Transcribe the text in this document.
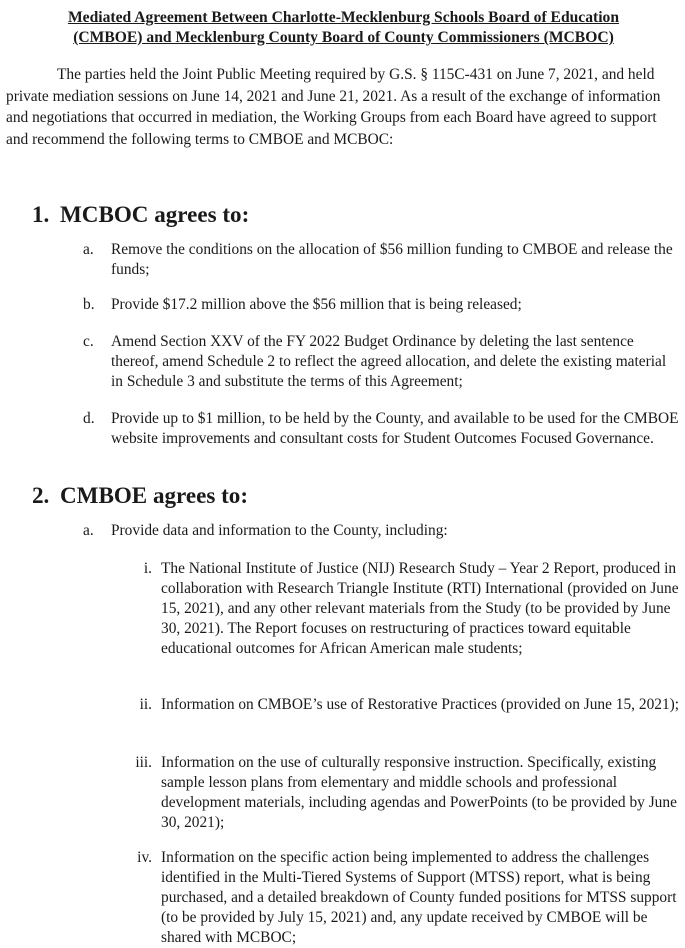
Mediated Agreement Between Charlotte-Mecklenburg Schools Board of Education
(CMBOE) and Mecklenburg County Board of County Commissioners (MCBOC)

The parties held the Joint Public Meeting required by G.S. § 115C-431 on June 7, 2021, and held private mediation sessions on June 14, 2021 and June 21, 2021. As a result of the exchange of information and negotiations that occurred in mediation, the Working Groups from each Board have agreed to support and recommend the following terms to CMBOE and MCBOC:

1. MCBOC agrees to:
a.	Remove the conditions on the allocation of $56 million funding to CMBOE and release the funds;
b.	Provide $17.2 million above the $56 million that is being released;
c.	Amend Section XXV of the FY 2022 Budget Ordinance by deleting the last sentence thereof, amend Schedule 2 to reflect the agreed allocation, and delete the existing material in Schedule 3 and substitute the terms of this Agreement;
d.	Provide up to $1 million, to be held by the County, and available to be used for the CMBOE website improvements and consultant costs for Student Outcomes Focused Governance.
2. CMBOE agrees to:
a.	Provide data and information to the County, including:
i. The National Institute of Justice (NIJ) Research Study – Year 2 Report, produced in collaboration with Research Triangle Institute (RTI) International (provided on June 15, 2021), and any other relevant materials from the Study (to be provided by June 30, 2021). The Report focuses on restructuring of practices toward equitable educational outcomes for African American male students;
ii. Information on CMBOE’s use of Restorative Practices (provided on June 15, 2021);
iii. Information on the use of culturally responsive instruction. Specifically, existing sample lesson plans from elementary and middle schools and professional development materials, including agendas and PowerPoints (to be provided by June 30, 2021);
iv. Information on the specific action being implemented to address the challenges identified in the Multi-Tiered Systems of Support (MTSS) report, what is being purchased, and a detailed breakdown of County funded positions for MTSS support (to be provided by July 15, 2021) and, any update received by CMBOE will be shared with MCBOC;
